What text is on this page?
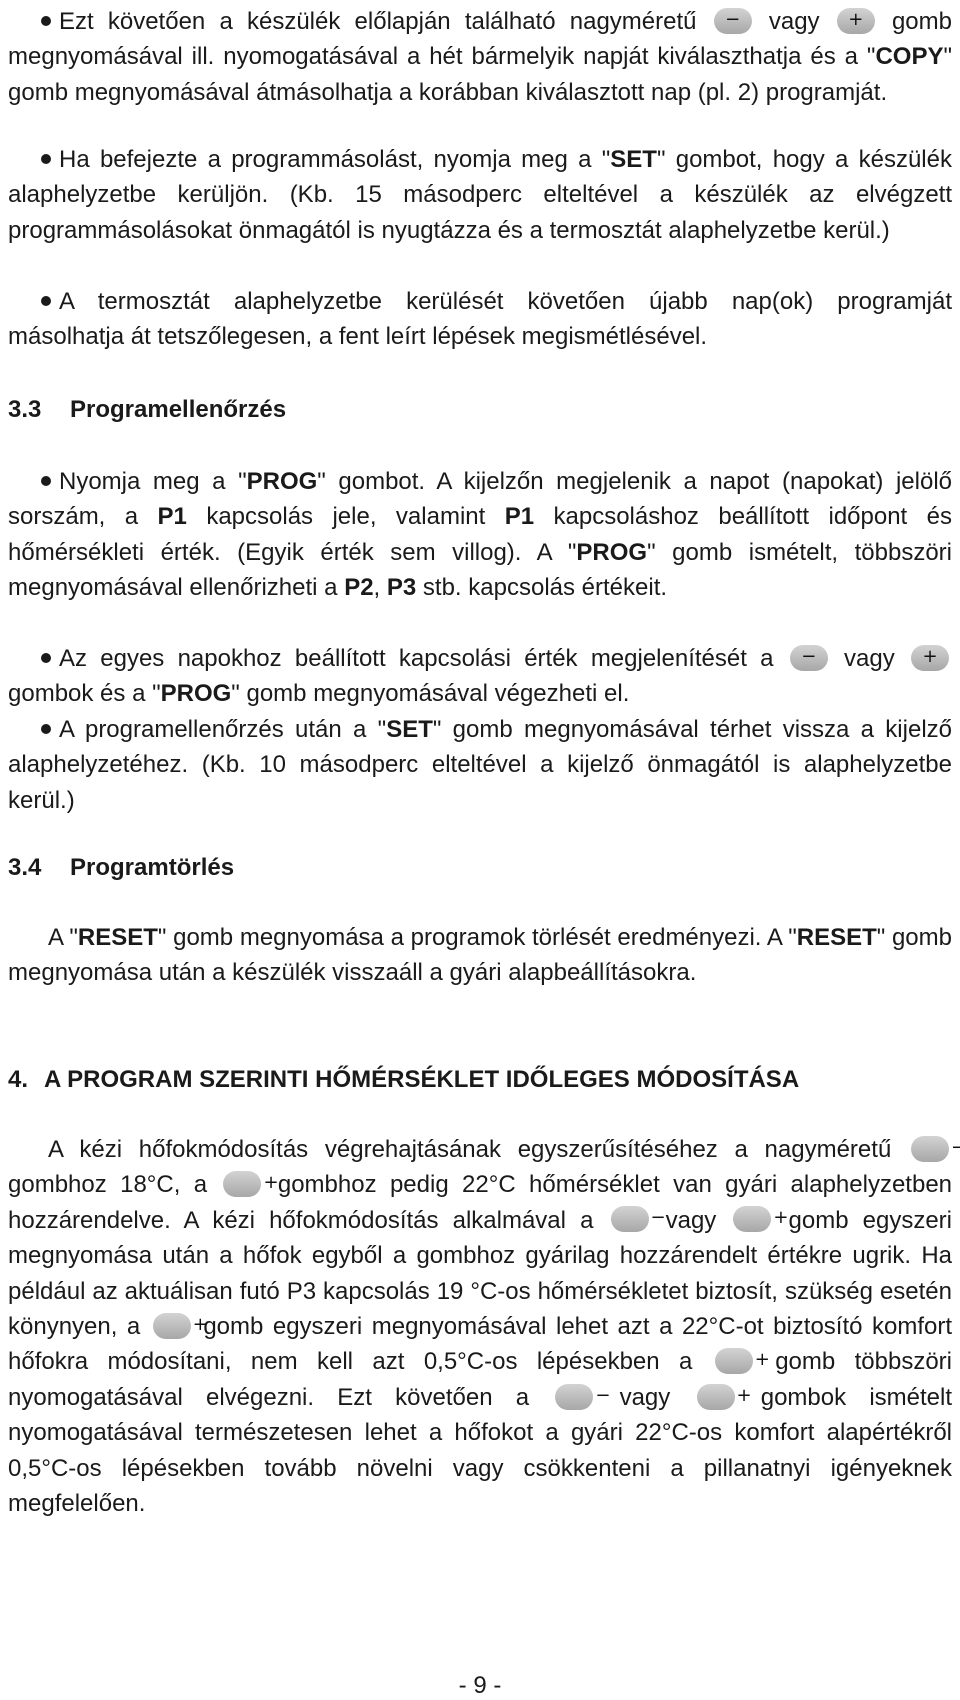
Ezt követően a készülék előlapján található nagyméretű −	vagy +	gomb megnyomásával ill. nyomogatásával a hét bármelyik napját kiválaszthatja és a "COPY" gomb megnyomásával átmásolhatja a korábban kiválasztott nap (pl. 2) programját.

Ha befejezte a programmásolást, nyomja meg a "SET" gombot, hogy a készülék alaphelyzetbe kerüljön. (Kb. 15 másodperc elteltével a készülék az elvégzett programmásolásokat önmagától is nyugtázza és a termosztát alaphelyzetbe kerül.)

A termosztát alaphelyzetbe kerülését követően újabb nap(ok) programját másolhatja át tetszőlegesen, a fent leírt lépések megismétlésével.

3.3 Programellenőrzés

Nyomja meg a "PROG" gombot. A kijelzőn megjelenik a napot (napokat) jelölő sorszám, a P1 kapcsolás jele, valamint P1 kapcsoláshoz beállított időpont és hőmérsékleti érték. (Egyik érték sem villog). A "PROG" gomb ismételt, többszöri megnyomásával ellenőrizheti a P2, P3 stb. kapcsolás értékeit.

Az egyes napokhoz beállított kapcsolási érték megjelenítését a −	vagy + gombok és a "PROG" gomb megnyomásával végezheti el.

A programellenőrzés után a "SET" gomb megnyomásával térhet vissza a kijelző alaphelyzetéhez. (Kb. 10 másodperc elteltével a kijelző önmagától is alaphelyzetbe kerül.)

3.4 Programtörlés

A "RESET" gomb megnyomása a programok törlését eredményezi. A "RESET" gomb megnyomása után a készülék visszaáll a gyári alapbeállításokra.

4. A PROGRAM SZERINTI HŐMÉRSÉKLET IDŐLEGES MÓDOSÍTÁSA

A kézi hőfokmódosítás végrehajtásának egyszerűsítéséhez a nagyméretű − gombhoz 18°C, a +	gombhoz pedig 22°C hőmérséklet van gyári alaphelyzetben hozzárendelve. A kézi hőfokmódosítás alkalmával a −	vagy +	gomb egyszeri megnyomása után a hőfok egyből a gombhoz gyárilag hozzárendelt értékre ugrik. Ha például az aktuálisan futó P3 kapcsolás 19 °C-os hőmérsékletet biztosít, szükség esetén könynyen, a +	gomb egyszeri megnyomásával lehet azt a 22°C-ot biztosító komfort hőfokra módosítani, nem kell azt 0,5°C-os lépésekben a +	gomb többszöri nyomogatásával elvégezni. Ezt követően a −	vagy +	gombok ismételt nyomogatásával természetesen lehet a hőfokot a gyári 22°C-os komfort alapértékről 0,5°C-os lépésekben tovább növelni vagy csökkenteni a pillanatnyi igényeknek megfelelően.

- 9 -
